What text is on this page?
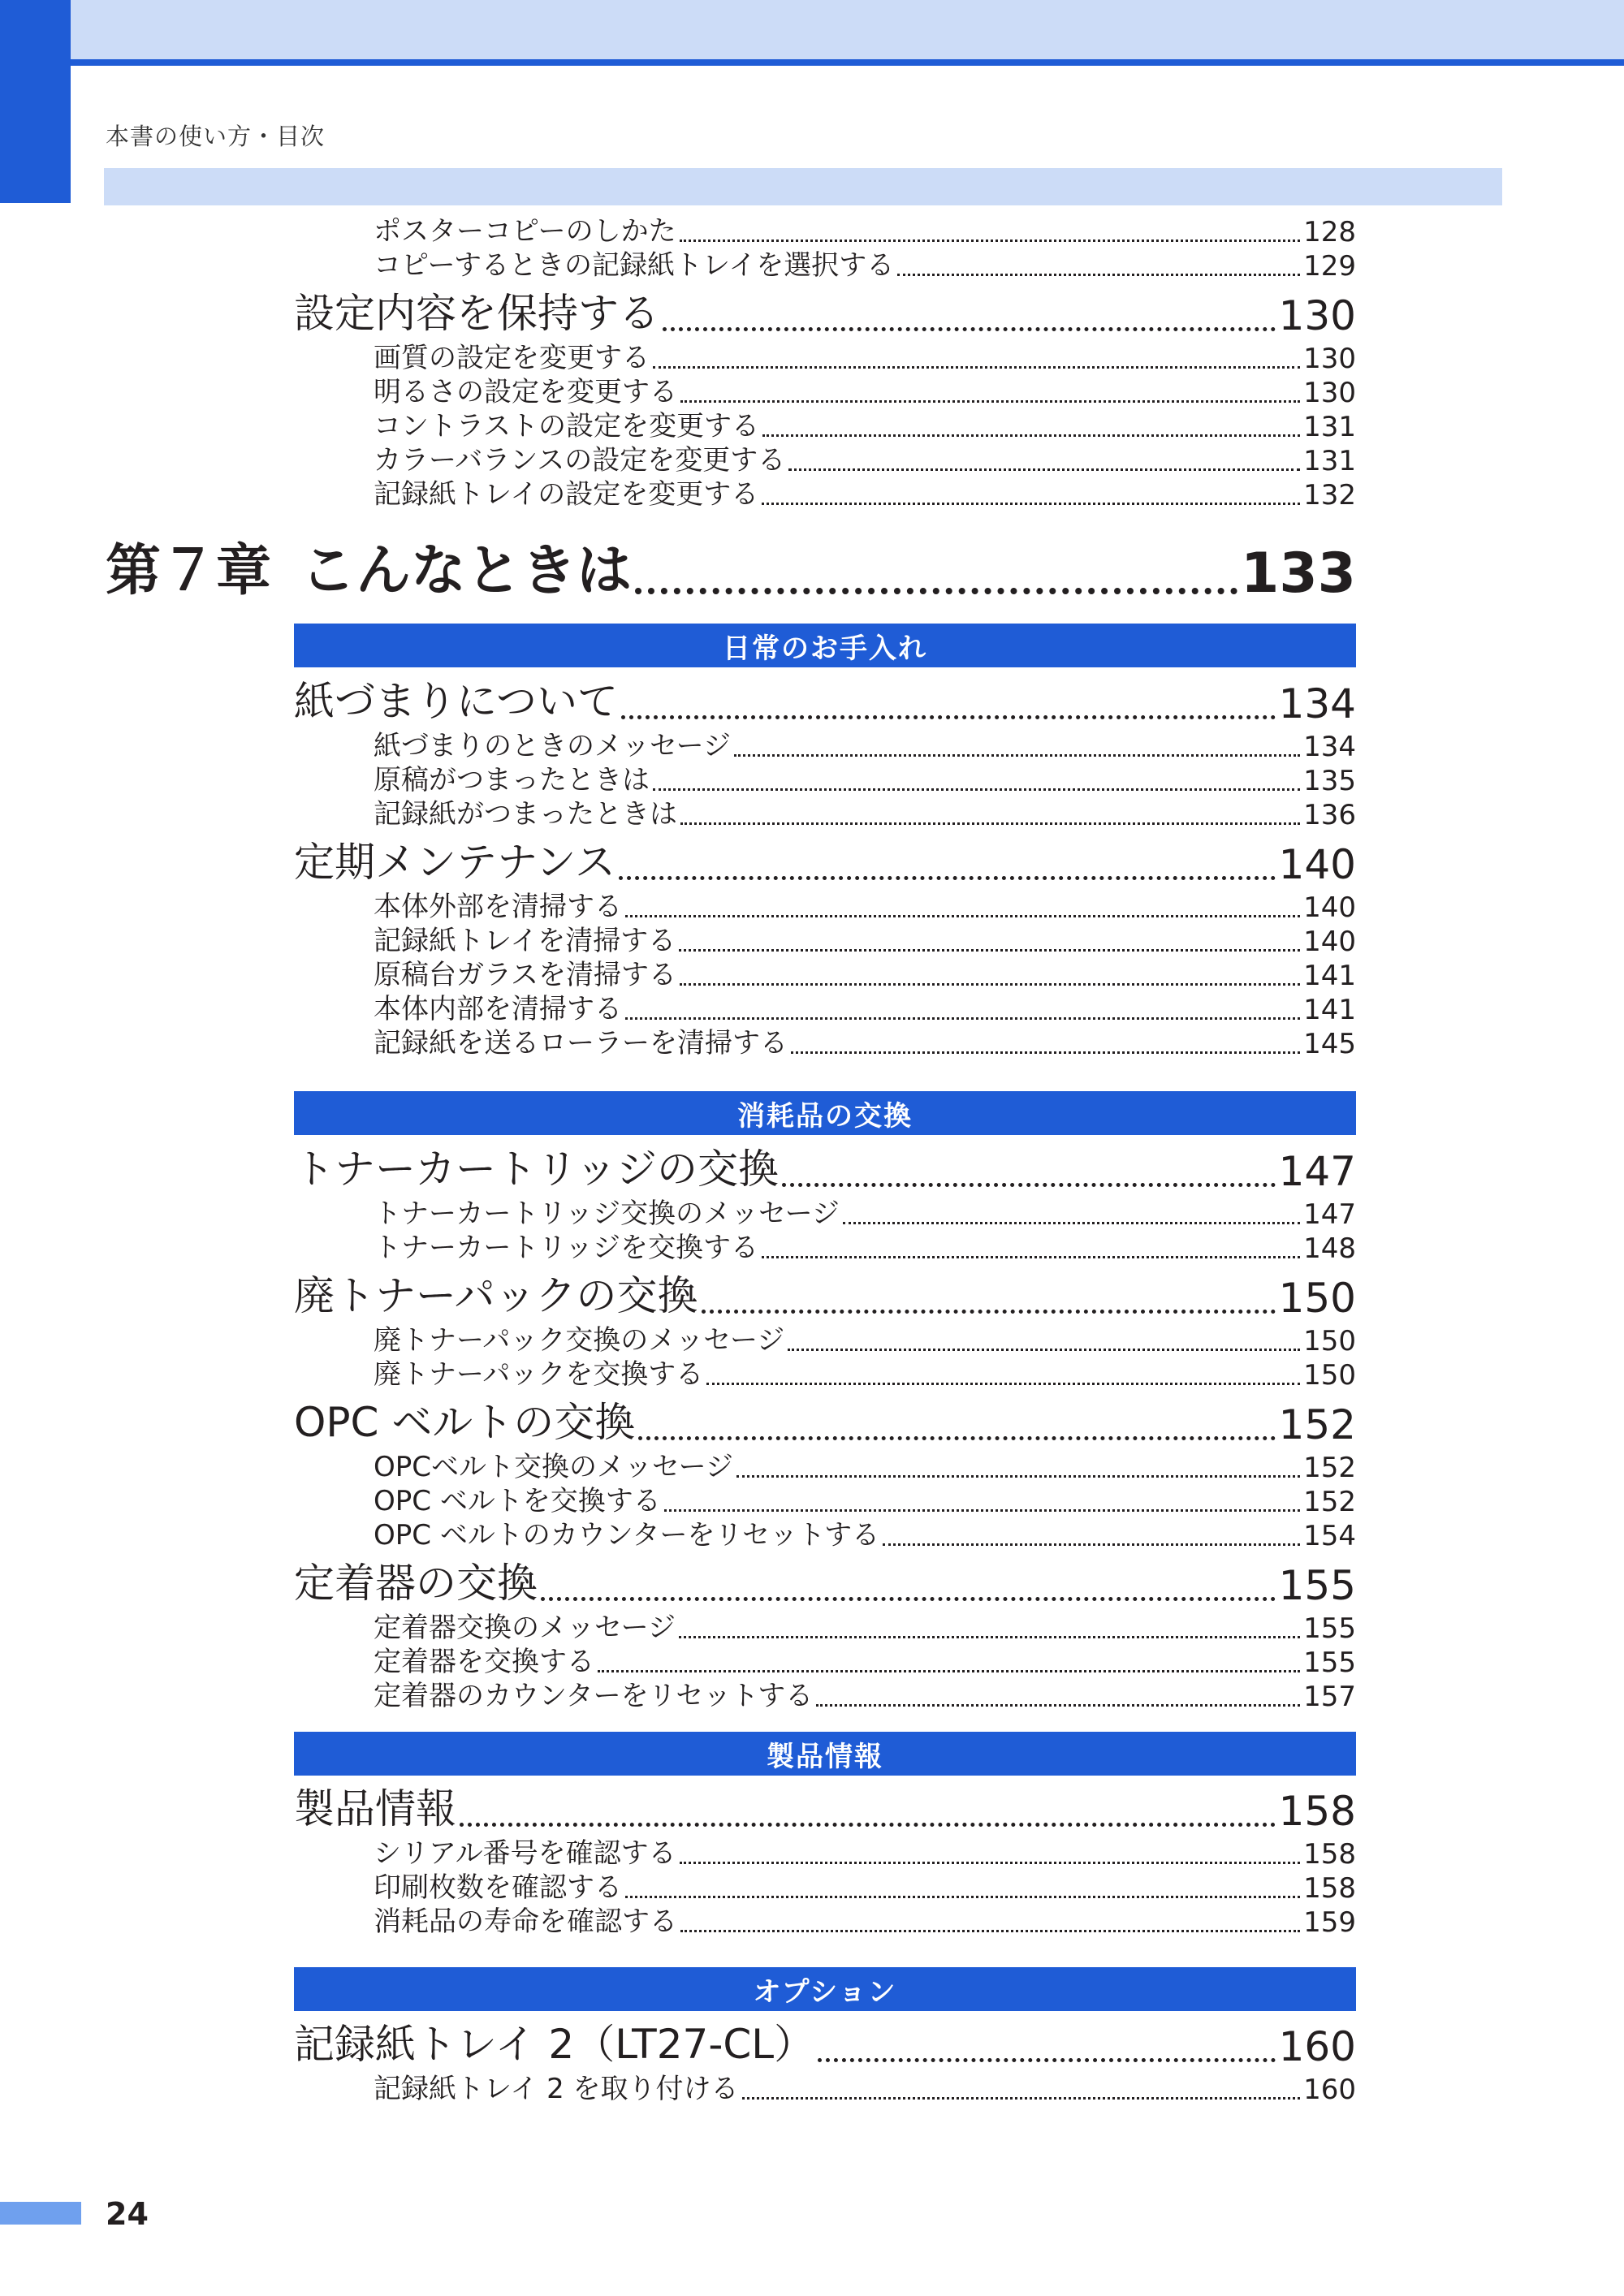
本書の使い方・目次
ポスターコピーのしかた	128
コピーするときの記録紙トレイを選択する	129
設定内容を保持する	130
画質の設定を変更する	130
明るさの設定を変更する	130
コントラストの設定を変更する	131
カラーバランスの設定を変更する	131
記録紙トレイの設定を変更する	132
第７章 こんなときは	133
日常のお手入れ
紙づまりについて	134
紙づまりのときのメッセージ	134
原稿がつまったときは	135
記録紙がつまったときは	136
定期メンテナンス	140
本体外部を清掃する	140
記録紙トレイを清掃する	140
原稿台ガラスを清掃する	141
本体内部を清掃する	141
記録紙を送るローラーを清掃する	145
消耗品の交換
トナーカートリッジの交換	147
トナーカートリッジ交換のメッセージ	147
トナーカートリッジを交換する	148
廃トナーパックの交換	150
廃トナーパック交換のメッセージ	150
廃トナーパックを交換する	150
OPC ベルトの交換	152
OPCベルト交換のメッセージ	152
OPC ベルトを交換する	152
OPC ベルトのカウンターをリセットする	154
定着器の交換	155
定着器交換のメッセージ	155
定着器を交換する	155
定着器のカウンターをリセットする	157
製品情報
製品情報	158
シリアル番号を確認する	158
印刷枚数を確認する	158
消耗品の寿命を確認する	159
オプション
記録紙トレイ 2（LT27-CL）	160
記録紙トレイ 2 を取り付ける	160
24
